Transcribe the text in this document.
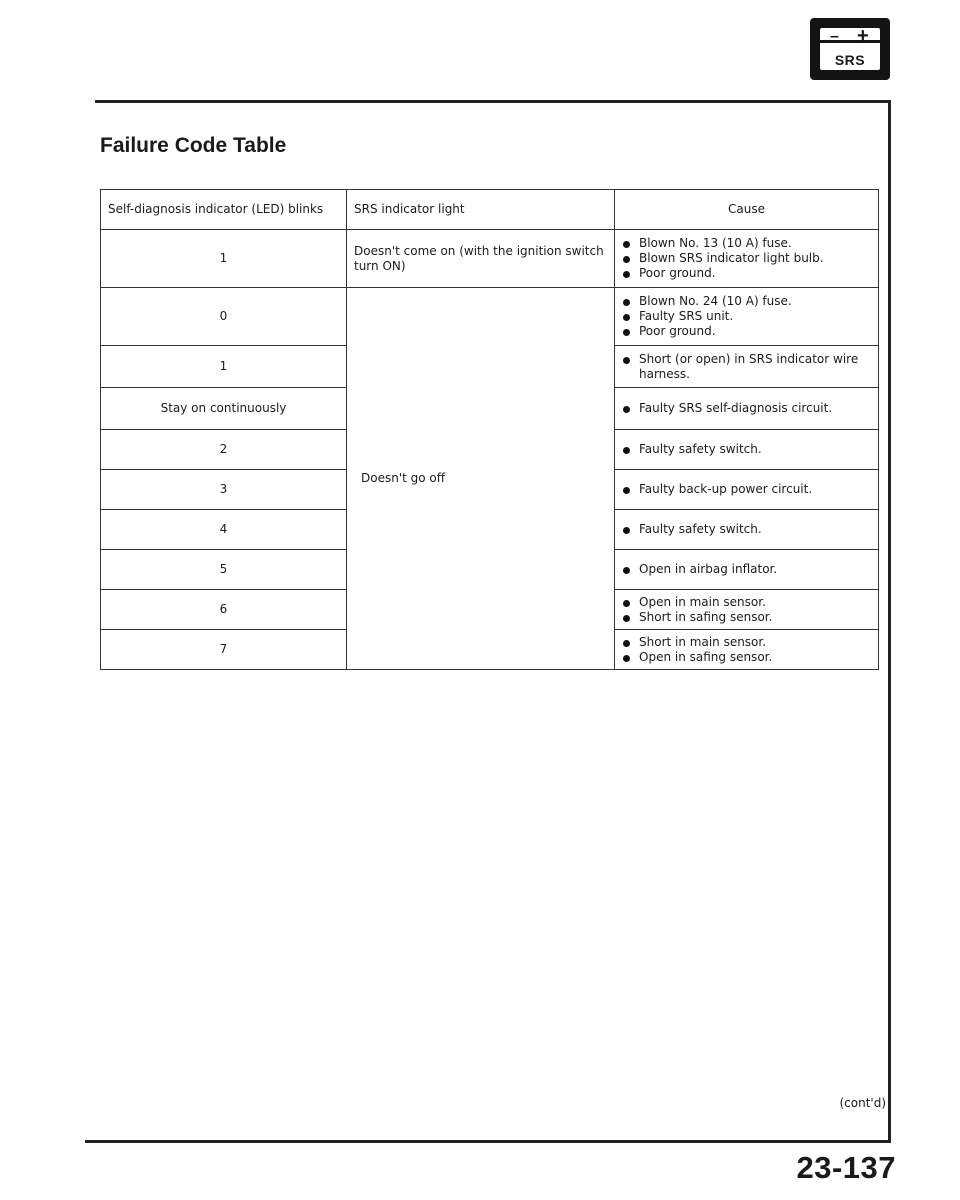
– +
SRS
Failure Code Table
Self-diagnosis indicator (LED) blinks	SRS indicator light	Cause
1	Doesn't come on (with the ignition switch turn ON)	Blown No. 13 (10 A) fuse.
Blown SRS indicator light bulb.
Poor ground.

0	Doesn't go off	Blown No. 24 (10 A) fuse.
Faulty SRS unit.
Poor ground.

1		Short (or open) in SRS indicator wire harness.

Stay on continuously		Faulty SRS self-diagnosis circuit.

2		Faulty safety switch.

3		Faulty back-up power circuit.

4		Faulty safety switch.

5		Open in airbag inflator.

6		Open in main sensor.
Short in safing sensor.

7		Short in main sensor.
Open in safing sensor.
(cont'd)
23-137
